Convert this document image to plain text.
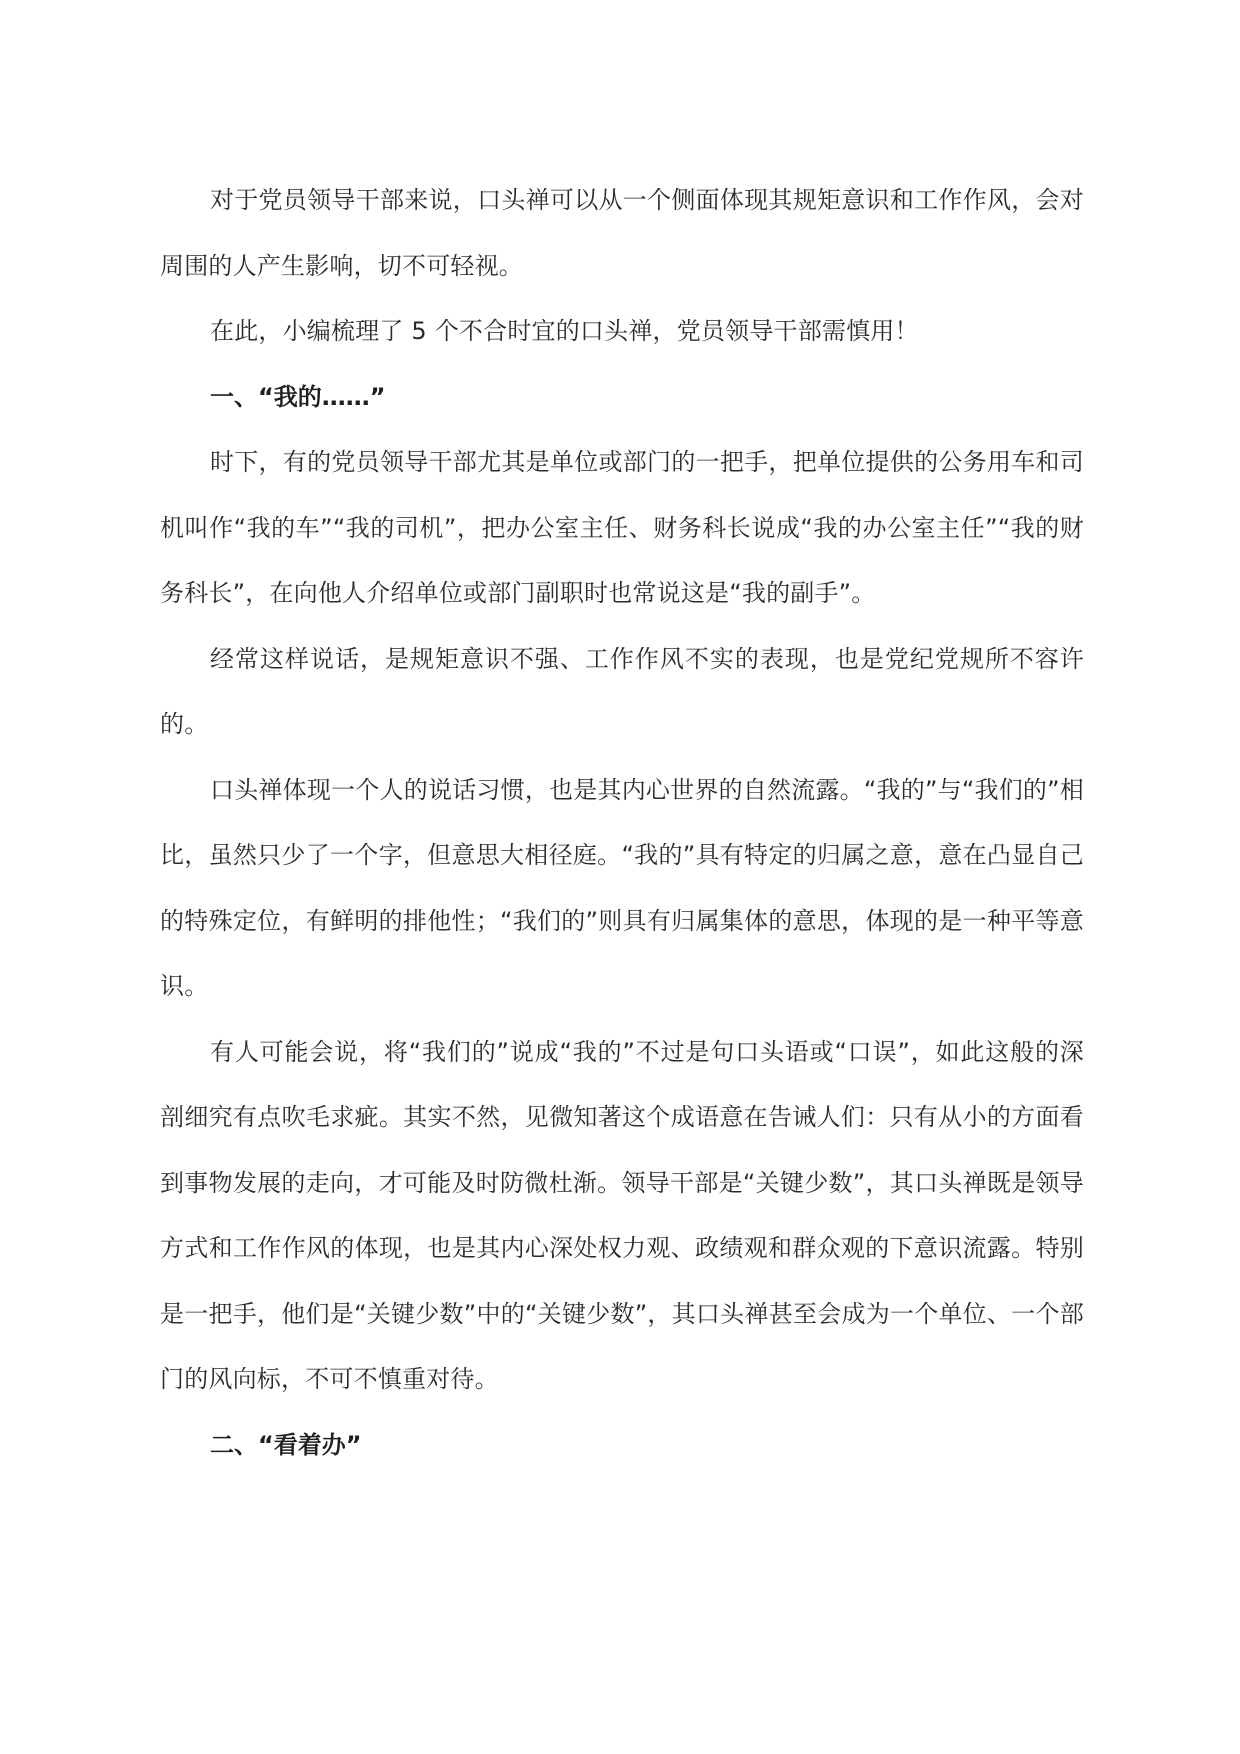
对于党员领导干部来说，口头禅可以从一个侧面体现其规矩意识和工作作风，会对周围的人产生影响，切不可轻视。

在此，小编梳理了 5 个不合时宜的口头禅，党员领导干部需慎用！

一、“我的……”

时下，有的党员领导干部尤其是单位或部门的一把手，把单位提供的公务用车和司机叫作“我的车”“我的司机”，把办公室主任、财务科长说成“我的办公室主任”“我的财务科长”，在向他人介绍单位或部门副职时也常说这是“我的副手”。

经常这样说话，是规矩意识不强、工作作风不实的表现，也是党纪党规所不容许的。

口头禅体现一个人的说话习惯，也是其内心世界的自然流露。“我的”与“我们的”相比，虽然只少了一个字，但意思大相径庭。“我的”具有特定的归属之意，意在凸显自己的特殊定位，有鲜明的排他性；“我们的”则具有归属集体的意思，体现的是一种平等意识。

有人可能会说，将“我们的”说成“我的”不过是句口头语或“口误”，如此这般的深剖细究有点吹毛求疵。其实不然，见微知著这个成语意在告诫人们：只有从小的方面看到事物发展的走向，才可能及时防微杜渐。领导干部是“关键少数”，其口头禅既是领导方式和工作作风的体现，也是其内心深处权力观、政绩观和群众观的下意识流露。特别是一把手，他们是“关键少数”中的“关键少数”，其口头禅甚至会成为一个单位、一个部门的风向标，不可不慎重对待。

二、“看着办”
